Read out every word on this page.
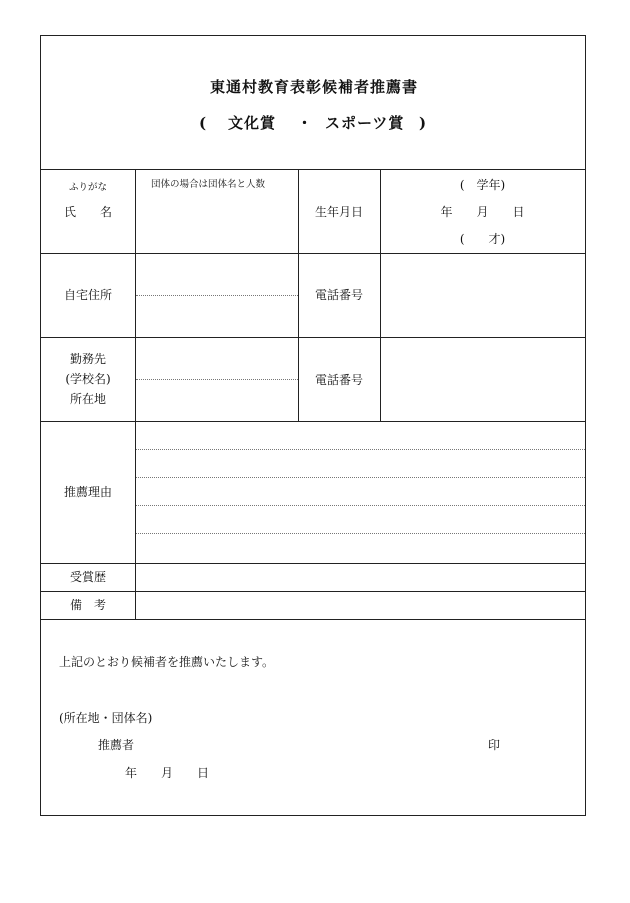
東通村教育表彰候補者推薦書
( 文化賞 ・ スポーツ賞 )
ふりがな
氏　　名
団体の場合は団体名と人数
生年月日
(　学年)
年　　月　　日
(　　才)
自宅住所	電話番号
勤務先
(学校名)
所在地
電話番号
推薦理由
受賞歴
備　考
上記のとおり候補者を推薦いたします。
(所在地・団体名)
推薦者	印
年　　月　　日
